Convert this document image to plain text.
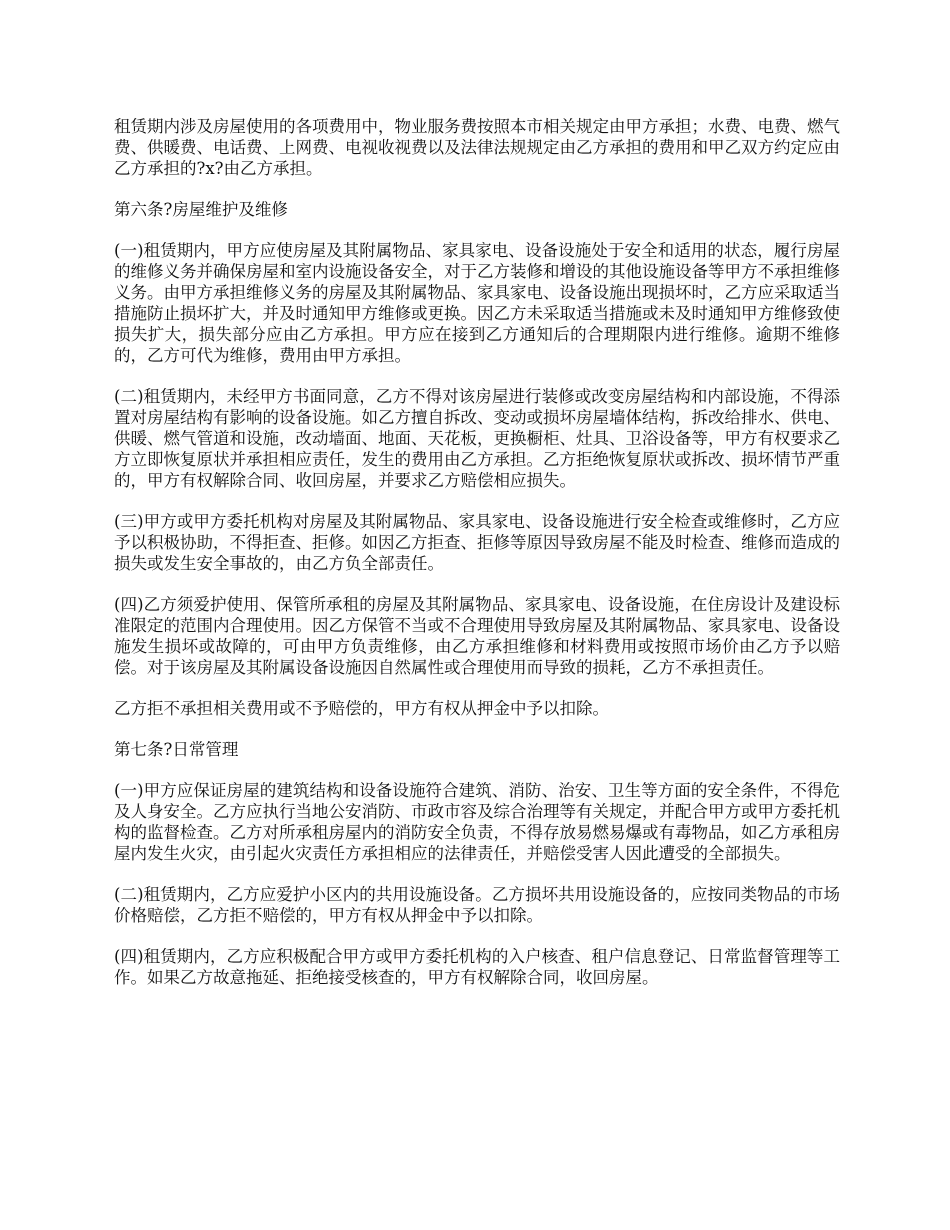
租赁期内涉及房屋使用的各项费用中，物业服务费按照本市相关规定由甲方承担；水费、电费、燃气费、供暖费、电话费、上网费、电视收视费以及法律法规规定由乙方承担的费用和甲乙双方约定应由乙方承担的?x?由乙方承担。

第六条?房屋维护及维修

(一)租赁期内，甲方应使房屋及其附属物品、家具家电、设备设施处于安全和适用的状态，履行房屋的维修义务并确保房屋和室内设施设备安全，对于乙方装修和增设的其他设施设备等甲方不承担维修义务。由甲方承担维修义务的房屋及其附属物品、家具家电、设备设施出现损坏时，乙方应采取适当措施防止损坏扩大，并及时通知甲方维修或更换。因乙方未采取适当措施或未及时通知甲方维修致使损失扩大，损失部分应由乙方承担。甲方应在接到乙方通知后的合理期限内进行维修。逾期不维修的，乙方可代为维修，费用由甲方承担。

(二)租赁期内，未经甲方书面同意，乙方不得对该房屋进行装修或改变房屋结构和内部设施，不得添置对房屋结构有影响的设备设施。如乙方擅自拆改、变动或损坏房屋墙体结构，拆改给排水、供电、供暖、燃气管道和设施，改动墙面、地面、天花板，更换橱柜、灶具、卫浴设备等，甲方有权要求乙方立即恢复原状并承担相应责任，发生的费用由乙方承担。乙方拒绝恢复原状或拆改、损坏情节严重的，甲方有权解除合同、收回房屋，并要求乙方赔偿相应损失。

(三)甲方或甲方委托机构对房屋及其附属物品、家具家电、设备设施进行安全检查或维修时，乙方应予以积极协助，不得拒查、拒修。如因乙方拒查、拒修等原因导致房屋不能及时检查、维修而造成的损失或发生安全事故的，由乙方负全部责任。

(四)乙方须爱护使用、保管所承租的房屋及其附属物品、家具家电、设备设施，在住房设计及建设标准限定的范围内合理使用。因乙方保管不当或不合理使用导致房屋及其附属物品、家具家电、设备设施发生损坏或故障的，可由甲方负责维修，由乙方承担维修和材料费用或按照市场价由乙方予以赔偿。对于该房屋及其附属设备设施因自然属性或合理使用而导致的损耗，乙方不承担责任。

乙方拒不承担相关费用或不予赔偿的，甲方有权从押金中予以扣除。

第七条?日常管理

(一)甲方应保证房屋的建筑结构和设备设施符合建筑、消防、治安、卫生等方面的安全条件，不得危及人身安全。乙方应执行当地公安消防、市政市容及综合治理等有关规定，并配合甲方或甲方委托机构的监督检查。乙方对所承租房屋内的消防安全负责，不得存放易燃易爆或有毒物品，如乙方承租房屋内发生火灾，由引起火灾责任方承担相应的法律责任，并赔偿受害人因此遭受的全部损失。

(二)租赁期内，乙方应爱护小区内的共用设施设备。乙方损坏共用设施设备的，应按同类物品的市场价格赔偿，乙方拒不赔偿的，甲方有权从押金中予以扣除。

(四)租赁期内，乙方应积极配合甲方或甲方委托机构的入户核查、租户信息登记、日常监督管理等工作。如果乙方故意拖延、拒绝接受核查的，甲方有权解除合同，收回房屋。
